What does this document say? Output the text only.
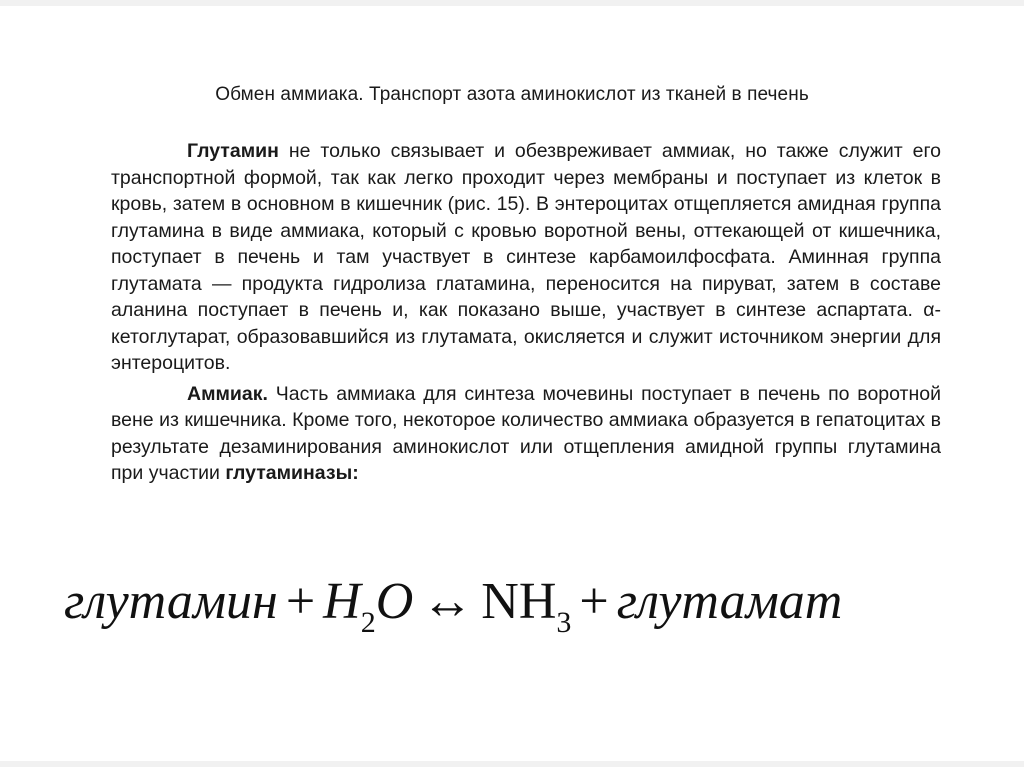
Обмен аммиака. Транспорт азота аминокислот из тканей в печень

Глутамин не только связывает и обезвреживает аммиак, но также служит его транспортной формой, так как легко проходит через мембраны и поступает из клеток в кровь, затем в основном в кишечник (рис. 15). В энтероцитах отщепляется амидная группа глутамина в виде аммиака, который с кровью воротной вены, оттекающей от кишечника, поступает в печень и там участвует в синтезе карбамоилфосфата. Аминная группа глутамата — продукта гидролиза глатамина, переносится на пируват, затем в составе аланина поступает в печень и, как показано выше, участвует в синтезе аспартата. α-кетоглутарат, образовавшийся из глутамата, окисляется и служит источником энергии для энтероцитов.

Аммиак. Часть аммиака для синтеза мочевины поступает в печень по воротной вене из кишечника. Кроме того, некоторое количество аммиака образуется в гепатоцитах в результате дезаминирования аминокислот или отщепления амидной группы глутамина при участии глутаминазы:

глутамин + $H_2O$ ↔ $NH_3$ + глутамат
